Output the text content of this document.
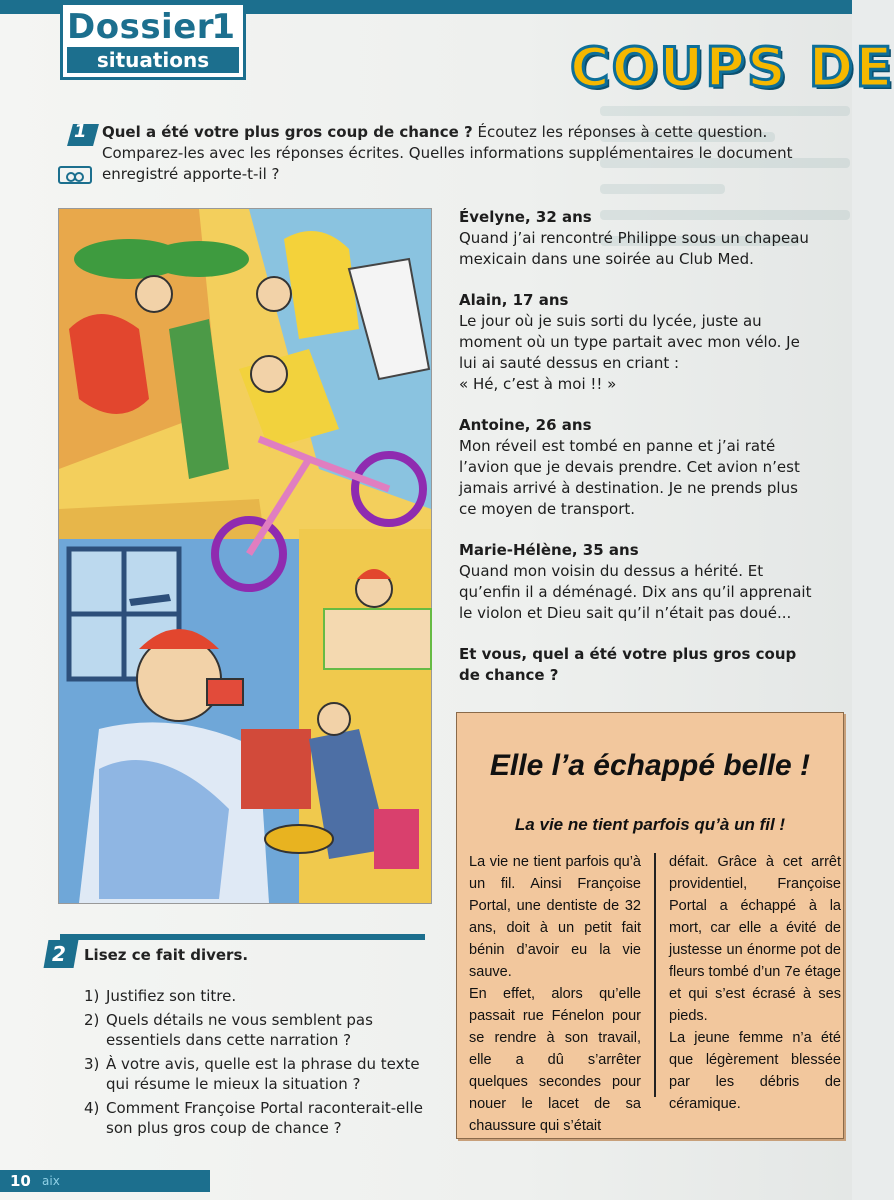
Dossier
1
situations	COUPS DE
1 Quel a été votre plus gros coup de chance ? Écoutez les réponses à cette question. Comparez-les avec les réponses écrites. Quelles informations supplémentaires le document enregistré apporte-t-il ?
Évelyne, 32 ans

Quand j’ai rencontré Philippe sous un chapeau mexicain dans une soirée au Club Med.

Alain, 17 ans

Le jour où je suis sorti du lycée, juste au moment où un type partait avec mon vélo. Je lui ai sauté dessus en criant :

« Hé, c’est à moi !! »

Antoine, 26 ans

Mon réveil est tombé en panne et j’ai raté l’avion que je devais prendre. Cet avion n’est jamais arrivé à destination. Je ne prends plus ce moyen de transport.

Marie-Hélène, 35 ans

Quand mon voisin du dessus a hérité. Et qu’enfin il a déménagé. Dix ans qu’il apprenait le violon et Dieu sait qu’il n’était pas doué...

Et vous, quel a été votre plus gros coup de chance ?

Elle l’a échappé belle !
La vie ne tient parfois qu’à un fil !

La vie ne tient parfois qu’à un fil. Ainsi Françoise Portal, une dentiste de 32 ans, doit à un petit fait bénin d’avoir eu la vie sauve.

En effet, alors qu’elle passait rue Fénelon pour se rendre à son travail, elle a dû s’arrêter quelques secondes pour nouer le lacet de sa chaussure qui s’était

défait. Grâce à cet arrêt providentiel, Françoise Portal a échappé à la mort, car elle a évité de justesse un énorme pot de fleurs tombé d’un 7e étage et qui s’est écrasé à ses pieds.

La jeune femme n’a été que légèrement blessée par les débris de céramique.

2 Lisez ce fait divers.
1) Justifiez son titre.
2) Quels détails ne vous semblent pas essentiels dans cette narration ?
3) À votre avis, quelle est la phrase du texte qui résume le mieux la situation ?
4) Comment Françoise Portal raconterait-elle son plus gros coup de chance ?
10 aix
